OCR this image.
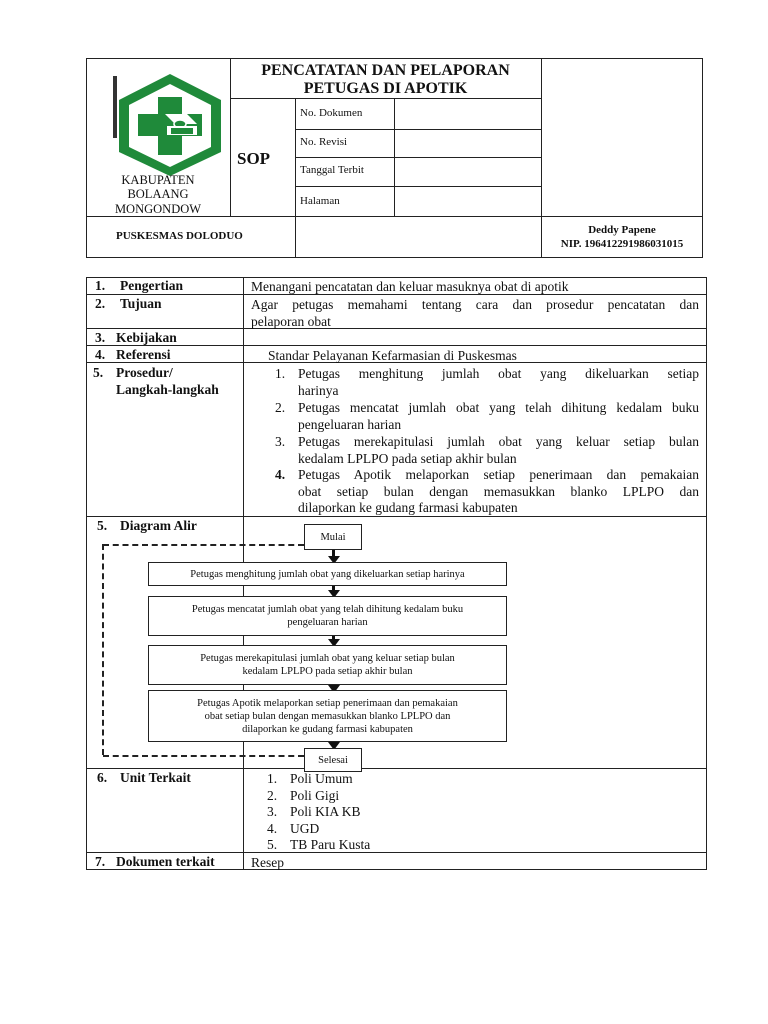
KABUPATEN
BOLAANG
MONGONDOW
PENCATATAN DAN PELAPORAN
PETUGAS DI APOTIK
SOP
No. Dokumen
No. Revisi
Tanggal Terbit
Halaman
PUSKESMAS DOLODUO	Deddy Papene
NIP. 196412291986031015
1. Pengertian	Menangani pencatatan dan keluar masuknya obat di apotik
2. Tujuan	Agar petugas memahami tentang cara dan prosedur pencatatan dan
pelaporan obat
3. Kebijakan
4. Referensi	Standar Pelayanan Kefarmasian di Puskesmas
5. Prosedur/
Langkah-langkah
1. Petugas menghitung jumlah obat yang dikeluarkan setiap
harinya
2. Petugas mencatat jumlah obat yang telah dihitung kedalam buku
pengeluaran harian
3. Petugas merekapitulasi jumlah obat yang keluar setiap bulan
kedalam LPLPO pada setiap akhir bulan
4. Petugas Apotik melaporkan setiap penerimaan dan pemakaian
obat setiap bulan dengan memasukkan blanko LPLPO dan
dilaporkan ke gudang farmasi kabupaten
5. Diagram Alir
Mulai
Petugas menghitung jumlah obat yang dikeluarkan setiap harinya
Petugas mencatat jumlah obat yang telah dihitung kedalam buku
pengeluaran harian
Petugas merekapitulasi jumlah obat yang keluar setiap bulan
kedalam LPLPO pada setiap akhir bulan
Petugas Apotik melaporkan setiap penerimaan dan pemakaian
obat setiap bulan dengan memasukkan blanko LPLPO dan
dilaporkan ke gudang farmasi kabupaten
Selesai
6. Unit Terkait	1. Poli Umum
2. Poli Gigi
3. Poli KIA KB
4. UGD
5. TB Paru Kusta
7. Dokumen terkait	Resep
